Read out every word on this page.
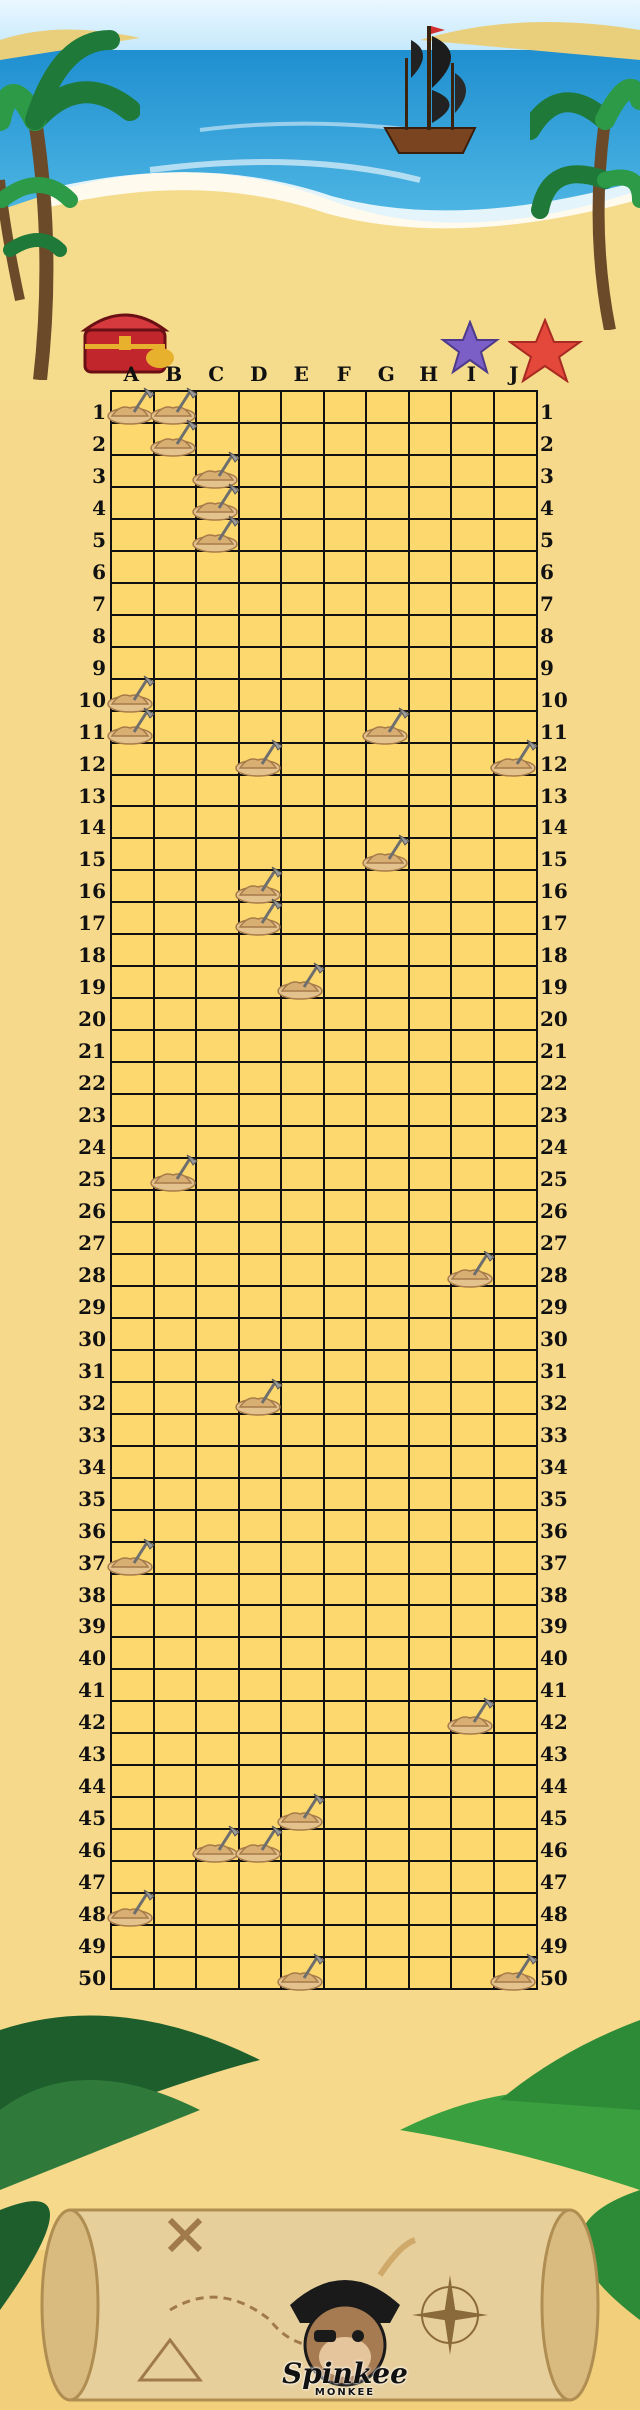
A	B	C	D	E	F	G	H	I	J
1	1
2	2
3	3
4	4
5	5
6	6
7	7
8	8
9	9
10	10
11	11
12	12
13	13
14	14
15	15
16	16
17	17
18	18
19	19
20	20
21	21
22	22
23	23
24	24
25	25
26	26
27	27
28	28
29	29
30	30
31	31
32	32
33	33
34	34
35	35
36	36
37	37
38	38
39	39
40	40
41	41
42	42
43	43
44	44
45	45
46	46
47	47
48	48
49	49
50	50
Spinkee
MONKEE
